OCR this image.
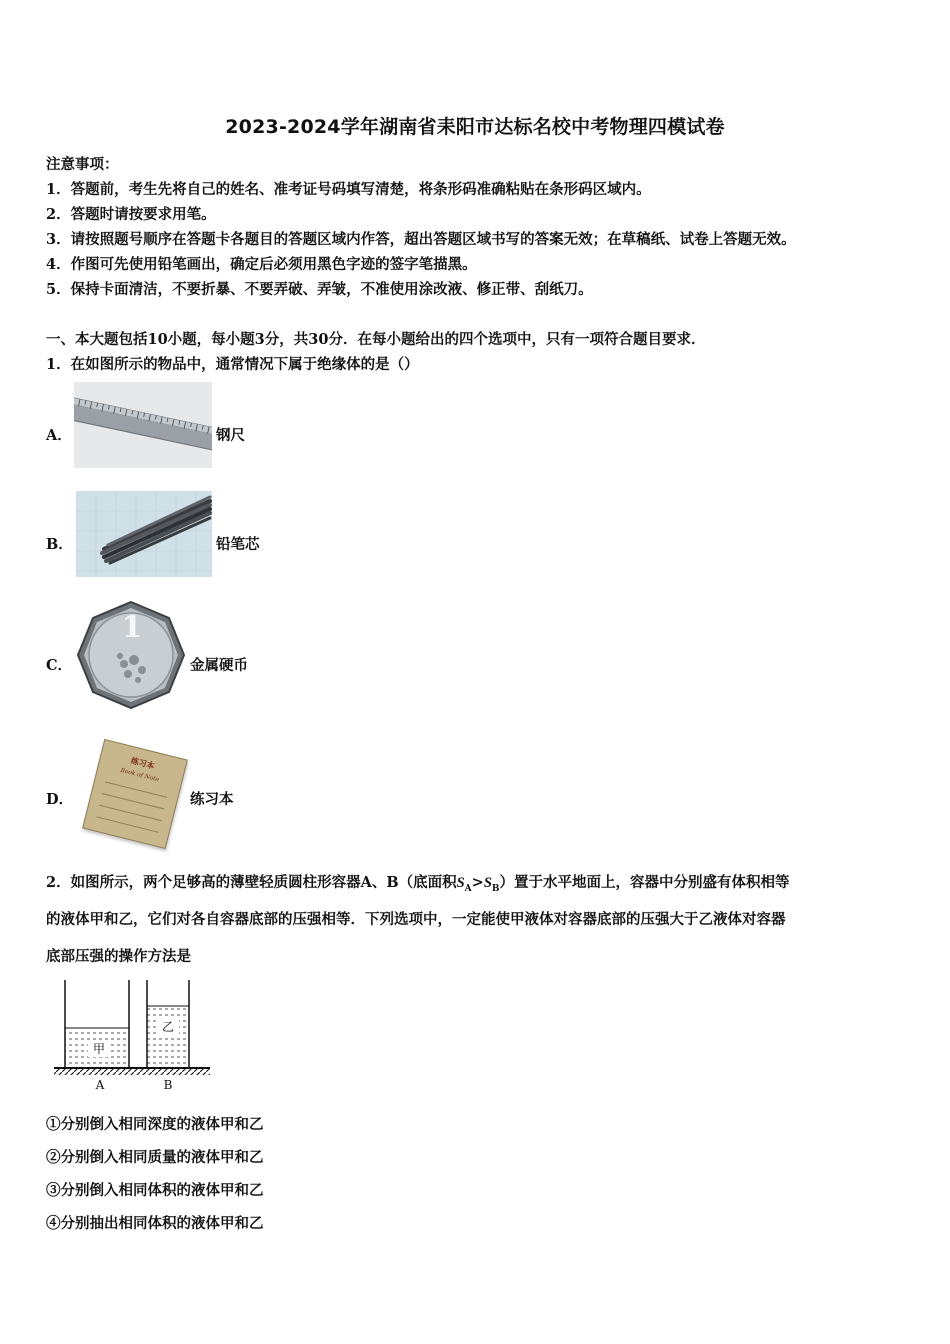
2023-2024学年湖南省耒阳市达标名校中考物理四模试卷
注意事项：
1．答题前，考生先将自己的姓名、准考证号码填写清楚，将条形码准确粘贴在条形码区域内。
2．答题时请按要求用笔。
3．请按照题号顺序在答题卡各题目的答题区域内作答，超出答题区域书写的答案无效；在草稿纸、试卷上答题无效。
4．作图可先使用铅笔画出，确定后必须用黑色字迹的签字笔描黑。
5．保持卡面清洁，不要折暴、不要弄破、弄皱，不准使用涂改液、修正带、刮纸刀。
一、本大题包括10小题，每小题3分，共30分．在每小题给出的四个选项中，只有一项符合题目要求．
1．在如图所示的物品中，通常情况下属于绝缘体的是（）
A．	钢尺
B．	铅笔芯
C．
1
金属硬币
D．
练习本
Book of Note
练习本
2．如图所示，两个足够高的薄壁轻质圆柱形容器A、B（底面积$S_A>S_B$）置于水平地面上，容器中分别盛有体积相等
的液体甲和乙，它们对各自容器底部的压强相等．下列选项中，一定能使甲液体对容器底部的压强大于乙液体对容器
底部压强的操作方法是
甲
乙
A	B
①分别倒入相同深度的液体甲和乙
②分别倒入相同质量的液体甲和乙
③分别倒入相同体积的液体甲和乙
④分别抽出相同体积的液体甲和乙
